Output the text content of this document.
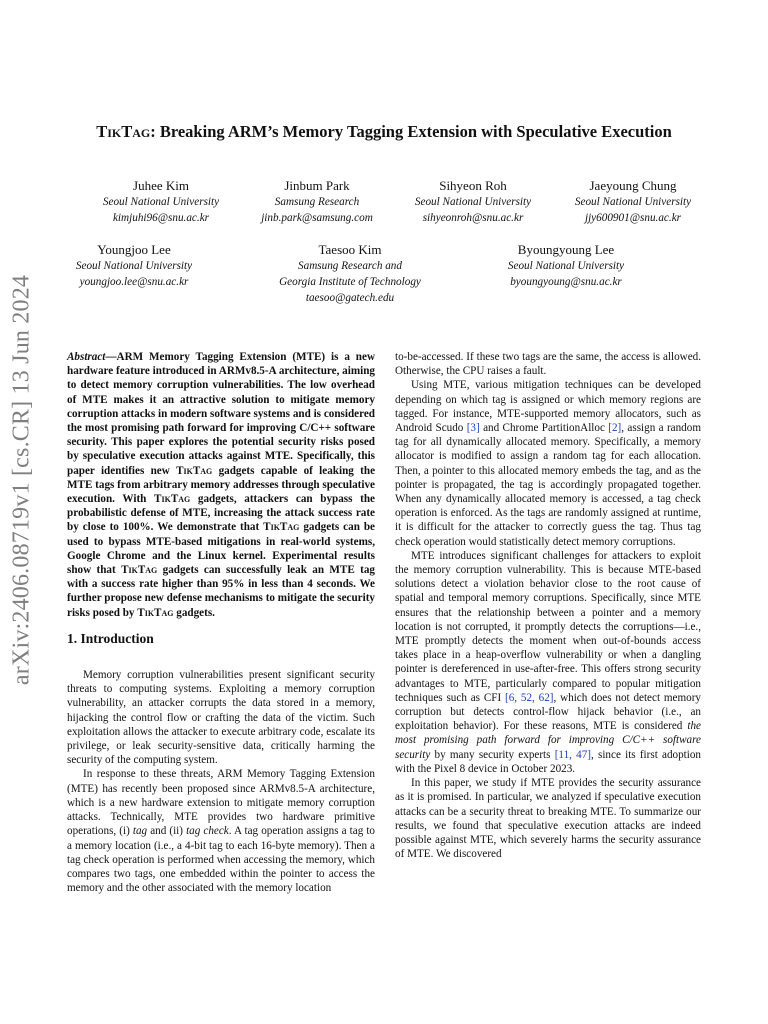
arXiv:2406.08719v1 [cs.CR] 13 Jun 2024
TikTag: Breaking ARM’s Memory Tagging Extension with Speculative Execution
Juhee Kim
Seoul National University
kimjuhi96@snu.ac.kr
Jinbum Park
Samsung Research
jinb.park@samsung.com
Sihyeon Roh
Seoul National University
sihyeonroh@snu.ac.kr
Jaeyoung Chung
Seoul National University
jjy600901@snu.ac.kr
Youngjoo Lee
Seoul National University
youngjoo.lee@snu.ac.kr
Taesoo Kim
Samsung Research and
Georgia Institute of Technology
taesoo@gatech.edu
Byoungyoung Lee
Seoul National University
byoungyoung@snu.ac.kr

Abstract—ARM Memory Tagging Extension (MTE) is a new hardware feature introduced in ARMv8.5-A architecture, aiming to detect memory corruption vulnerabilities. The low overhead of MTE makes it an attractive solution to mitigate memory corruption attacks in modern software systems and is considered the most promising path forward for improving C/C++ software security. This paper explores the potential security risks posed by speculative execution attacks against MTE. Specifically, this paper identifies new TikTag gadgets capable of leaking the MTE tags from arbitrary memory addresses through speculative execution. With TikTag gadgets, attackers can bypass the probabilistic defense of MTE, increasing the attack success rate by close to 100%. We demonstrate that TikTag gadgets can be used to bypass MTE-based mitigations in real-world systems, Google Chrome and the Linux kernel. Experimental results show that TikTag gadgets can successfully leak an MTE tag with a success rate higher than 95% in less than 4 seconds. We further propose new defense mechanisms to mitigate the security risks posed by TikTag gadgets.

1. Introduction

Memory corruption vulnerabilities present significant security threats to computing systems. Exploiting a memory corruption vulnerability, an attacker corrupts the data stored in a memory, hijacking the control flow or crafting the data of the victim. Such exploitation allows the attacker to execute arbitrary code, escalate its privilege, or leak security-sensitive data, critically harming the security of the computing system.

In response to these threats, ARM Memory Tagging Extension (MTE) has recently been proposed since ARMv8.5-A architecture, which is a new hardware extension to mitigate memory corruption attacks. Technically, MTE provides two hardware primitive operations, (i) tag and (ii) tag check. A tag operation assigns a tag to a memory location (i.e., a 4-bit tag to each 16-byte memory). Then a tag check operation is performed when accessing the memory, which compares two tags, one embedded within the pointer to access the memory and the other associated with the memory location

to-be-accessed. If these two tags are the same, the access is allowed. Otherwise, the CPU raises a fault.

Using MTE, various mitigation techniques can be developed depending on which tag is assigned or which memory regions are tagged. For instance, MTE-supported memory allocators, such as Android Scudo [3] and Chrome PartitionAlloc [2], assign a random tag for all dynamically allocated memory. Specifically, a memory allocator is modified to assign a random tag for each allocation. Then, a pointer to this allocated memory embeds the tag, and as the pointer is propagated, the tag is accordingly propagated together. When any dynamically allocated memory is accessed, a tag check operation is enforced. As the tags are randomly assigned at runtime, it is difficult for the attacker to correctly guess the tag. Thus tag check operation would statistically detect memory corruptions.

MTE introduces significant challenges for attackers to exploit the memory corruption vulnerability. This is because MTE-based solutions detect a violation behavior close to the root cause of spatial and temporal memory corruptions. Specifically, since MTE ensures that the relationship between a pointer and a memory location is not corrupted, it promptly detects the corruptions—i.e., MTE promptly detects the moment when out-of-bounds access takes place in a heap-overflow vulnerability or when a dangling pointer is dereferenced in use-after-free. This offers strong security advantages to MTE, particularly compared to popular mitigation techniques such as CFI [6, 52, 62], which does not detect memory corruption but detects control-flow hijack behavior (i.e., an exploitation behavior). For these reasons, MTE is considered the most promising path forward for improving C/C++ software security by many security experts [11, 47], since its first adoption with the Pixel 8 device in October 2023.

In this paper, we study if MTE provides the security assurance as it is promised. In particular, we analyzed if speculative execution attacks can be a security threat to breaking MTE. To summarize our results, we found that speculative execution attacks are indeed possible against MTE, which severely harms the security assurance of MTE. We discovered
